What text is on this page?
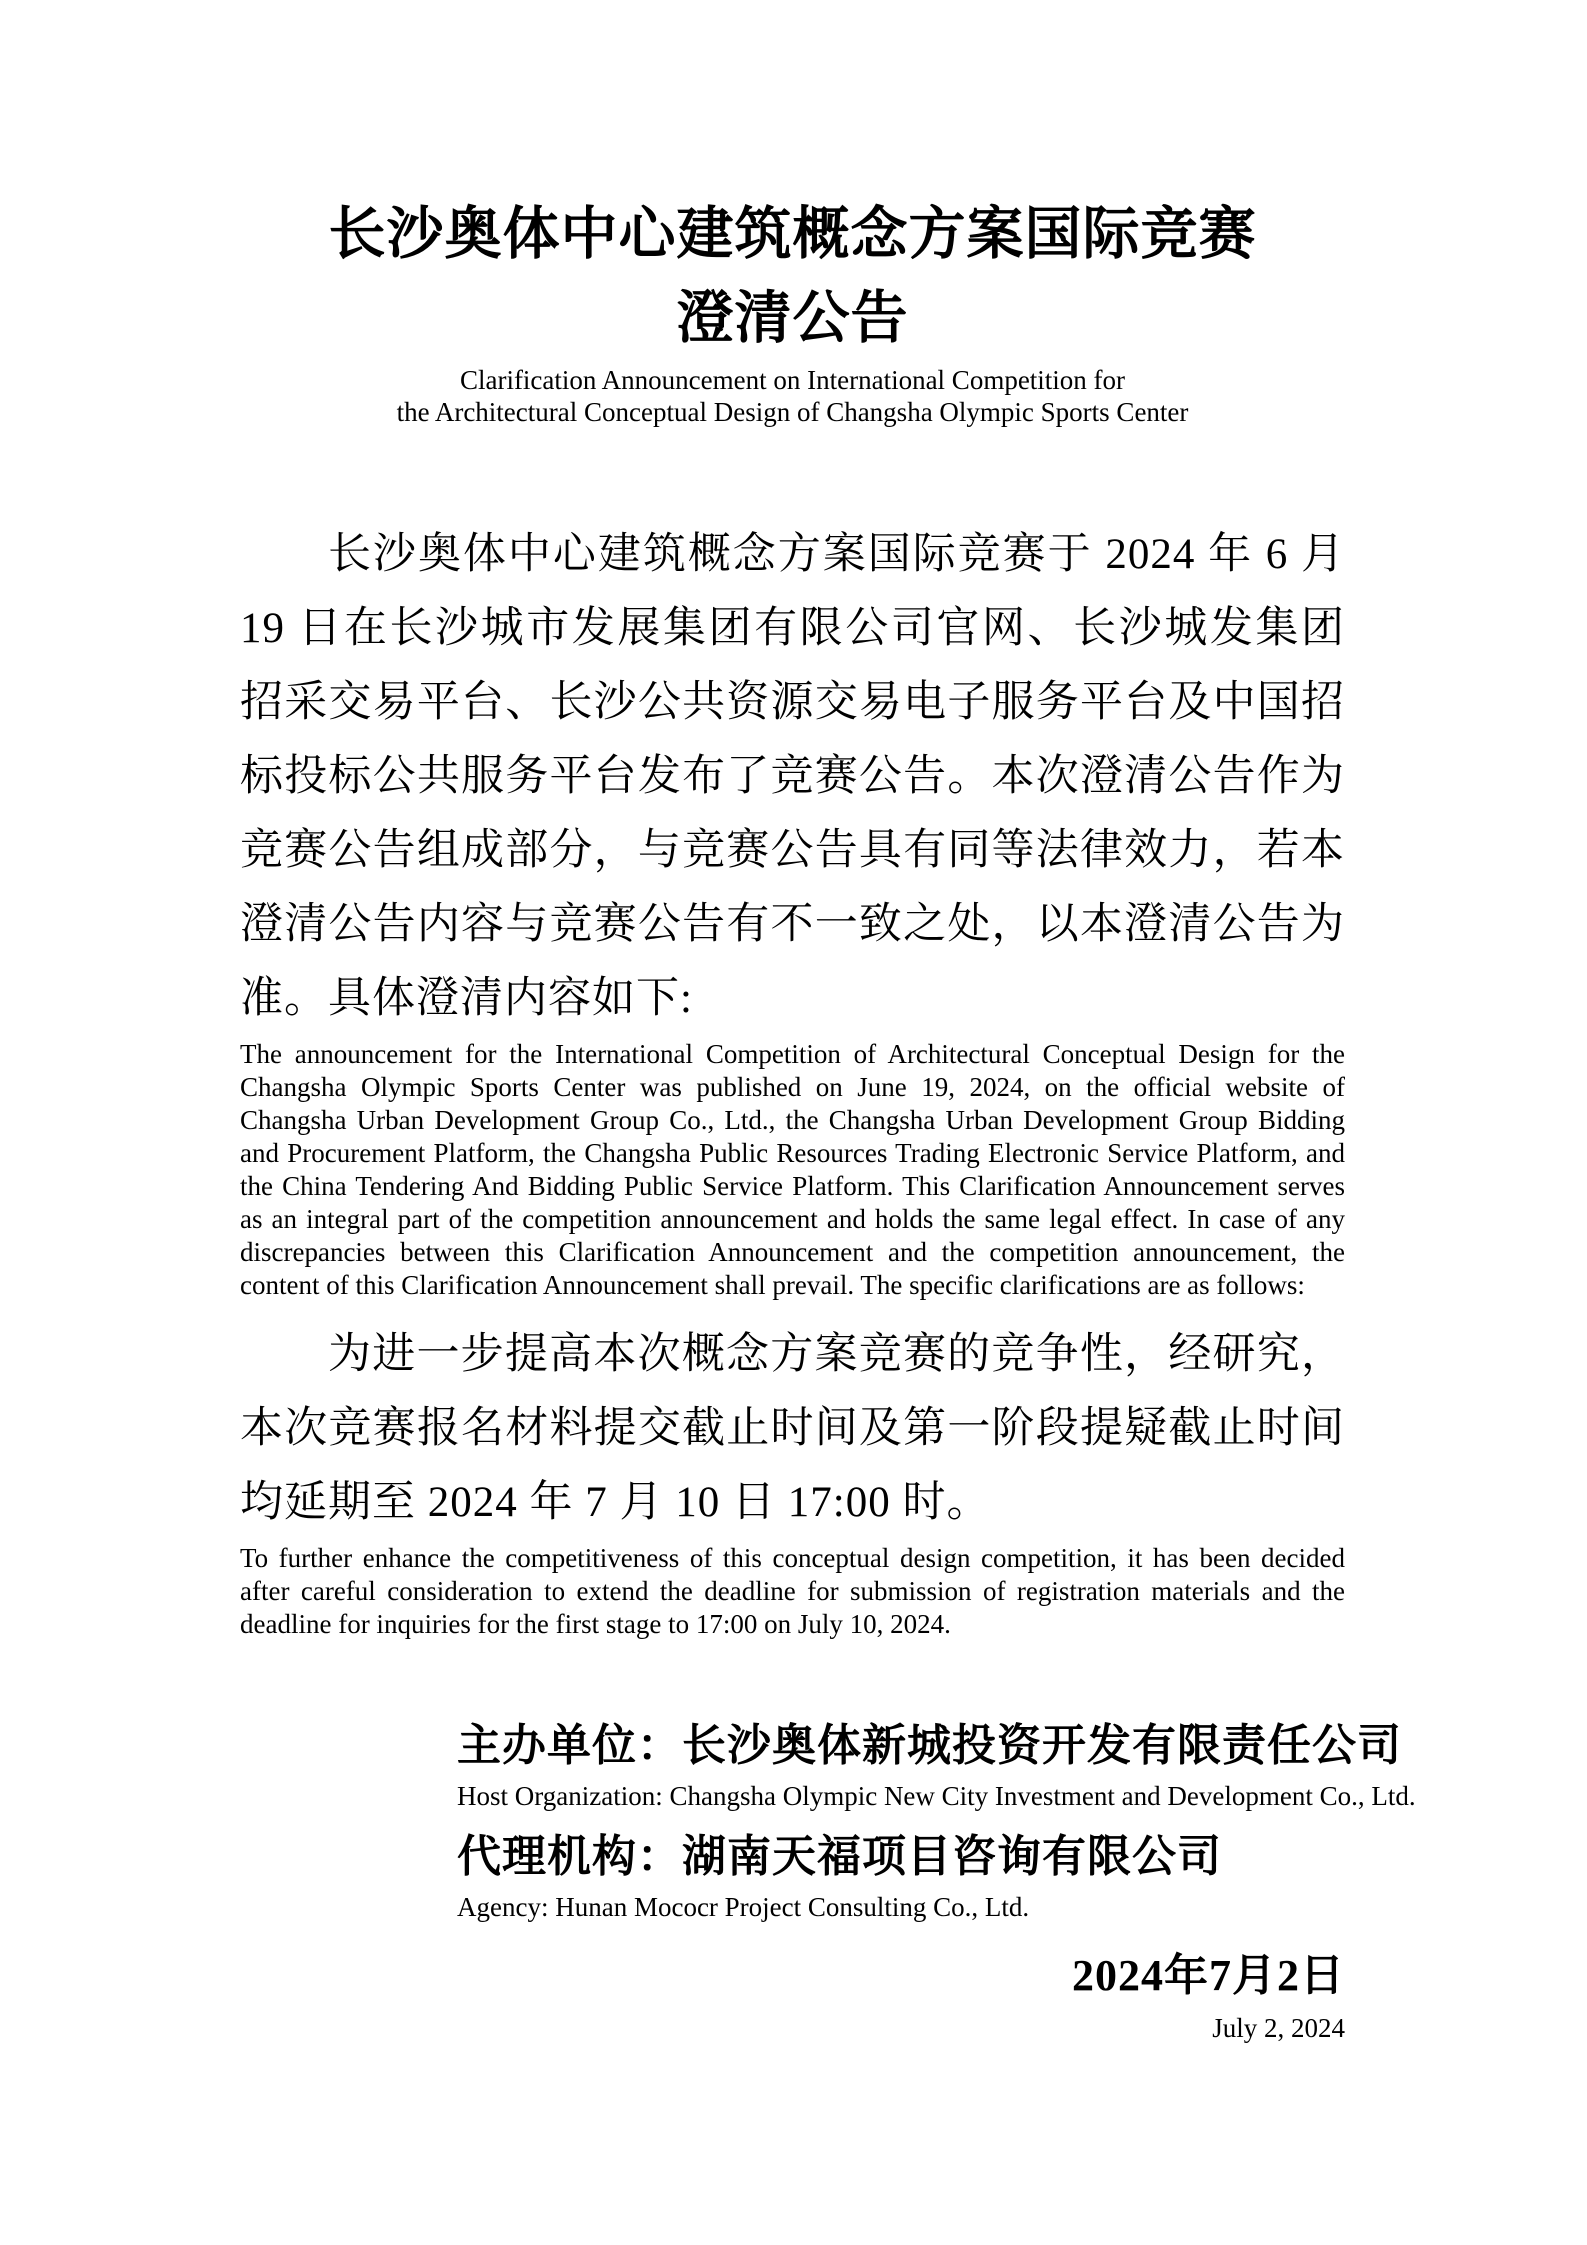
长沙奥体中心建筑概念方案国际竞赛
澄清公告
Clarification Announcement on International Competition for
the Architectural Conceptual Design of Changsha Olympic Sports Center
长沙奥体中心建筑概念方案国际竞赛于 2024 年 6 月 19 日在长沙城市发展集团有限公司官网、长沙城发集团招采交易平台、长沙公共资源交易电子服务平台及中国招标投标公共服务平台发布了竞赛公告。本次澄清公告作为竞赛公告组成部分，与竞赛公告具有同等法律效力，若本澄清公告内容与竞赛公告有不一致之处，以本澄清公告为准。具体澄清内容如下:
The announcement for the International Competition of Architectural Conceptual Design for the Changsha Olympic Sports Center was published on June 19, 2024, on the official website of Changsha Urban Development Group Co., Ltd., the Changsha Urban Development Group Bidding and Procurement Platform, the Changsha Public Resources Trading Electronic Service Platform, and the China Tendering And Bidding Public Service Platform. This Clarification Announcement serves as an integral part of the competition announcement and holds the same legal effect. In case of any discrepancies between this Clarification Announcement and the competition announcement, the content of this Clarification Announcement shall prevail. The specific clarifications are as follows:
为进一步提高本次概念方案竞赛的竞争性，经研究，本次竞赛报名材料提交截止时间及第一阶段提疑截止时间均延期至 2024 年 7 月 10 日 17:00 时。
To further enhance the competitiveness of this conceptual design competition, it has been decided after careful consideration to extend the deadline for submission of registration materials and the deadline for inquiries for the first stage to 17:00 on July 10, 2024.
主办单位：长沙奥体新城投资开发有限责任公司
Host Organization: Changsha Olympic New City Investment and Development Co., Ltd.
代理机构：湖南天福项目咨询有限公司
Agency: Hunan Mococr Project Consulting Co., Ltd.
2024年7月2日
July 2, 2024
